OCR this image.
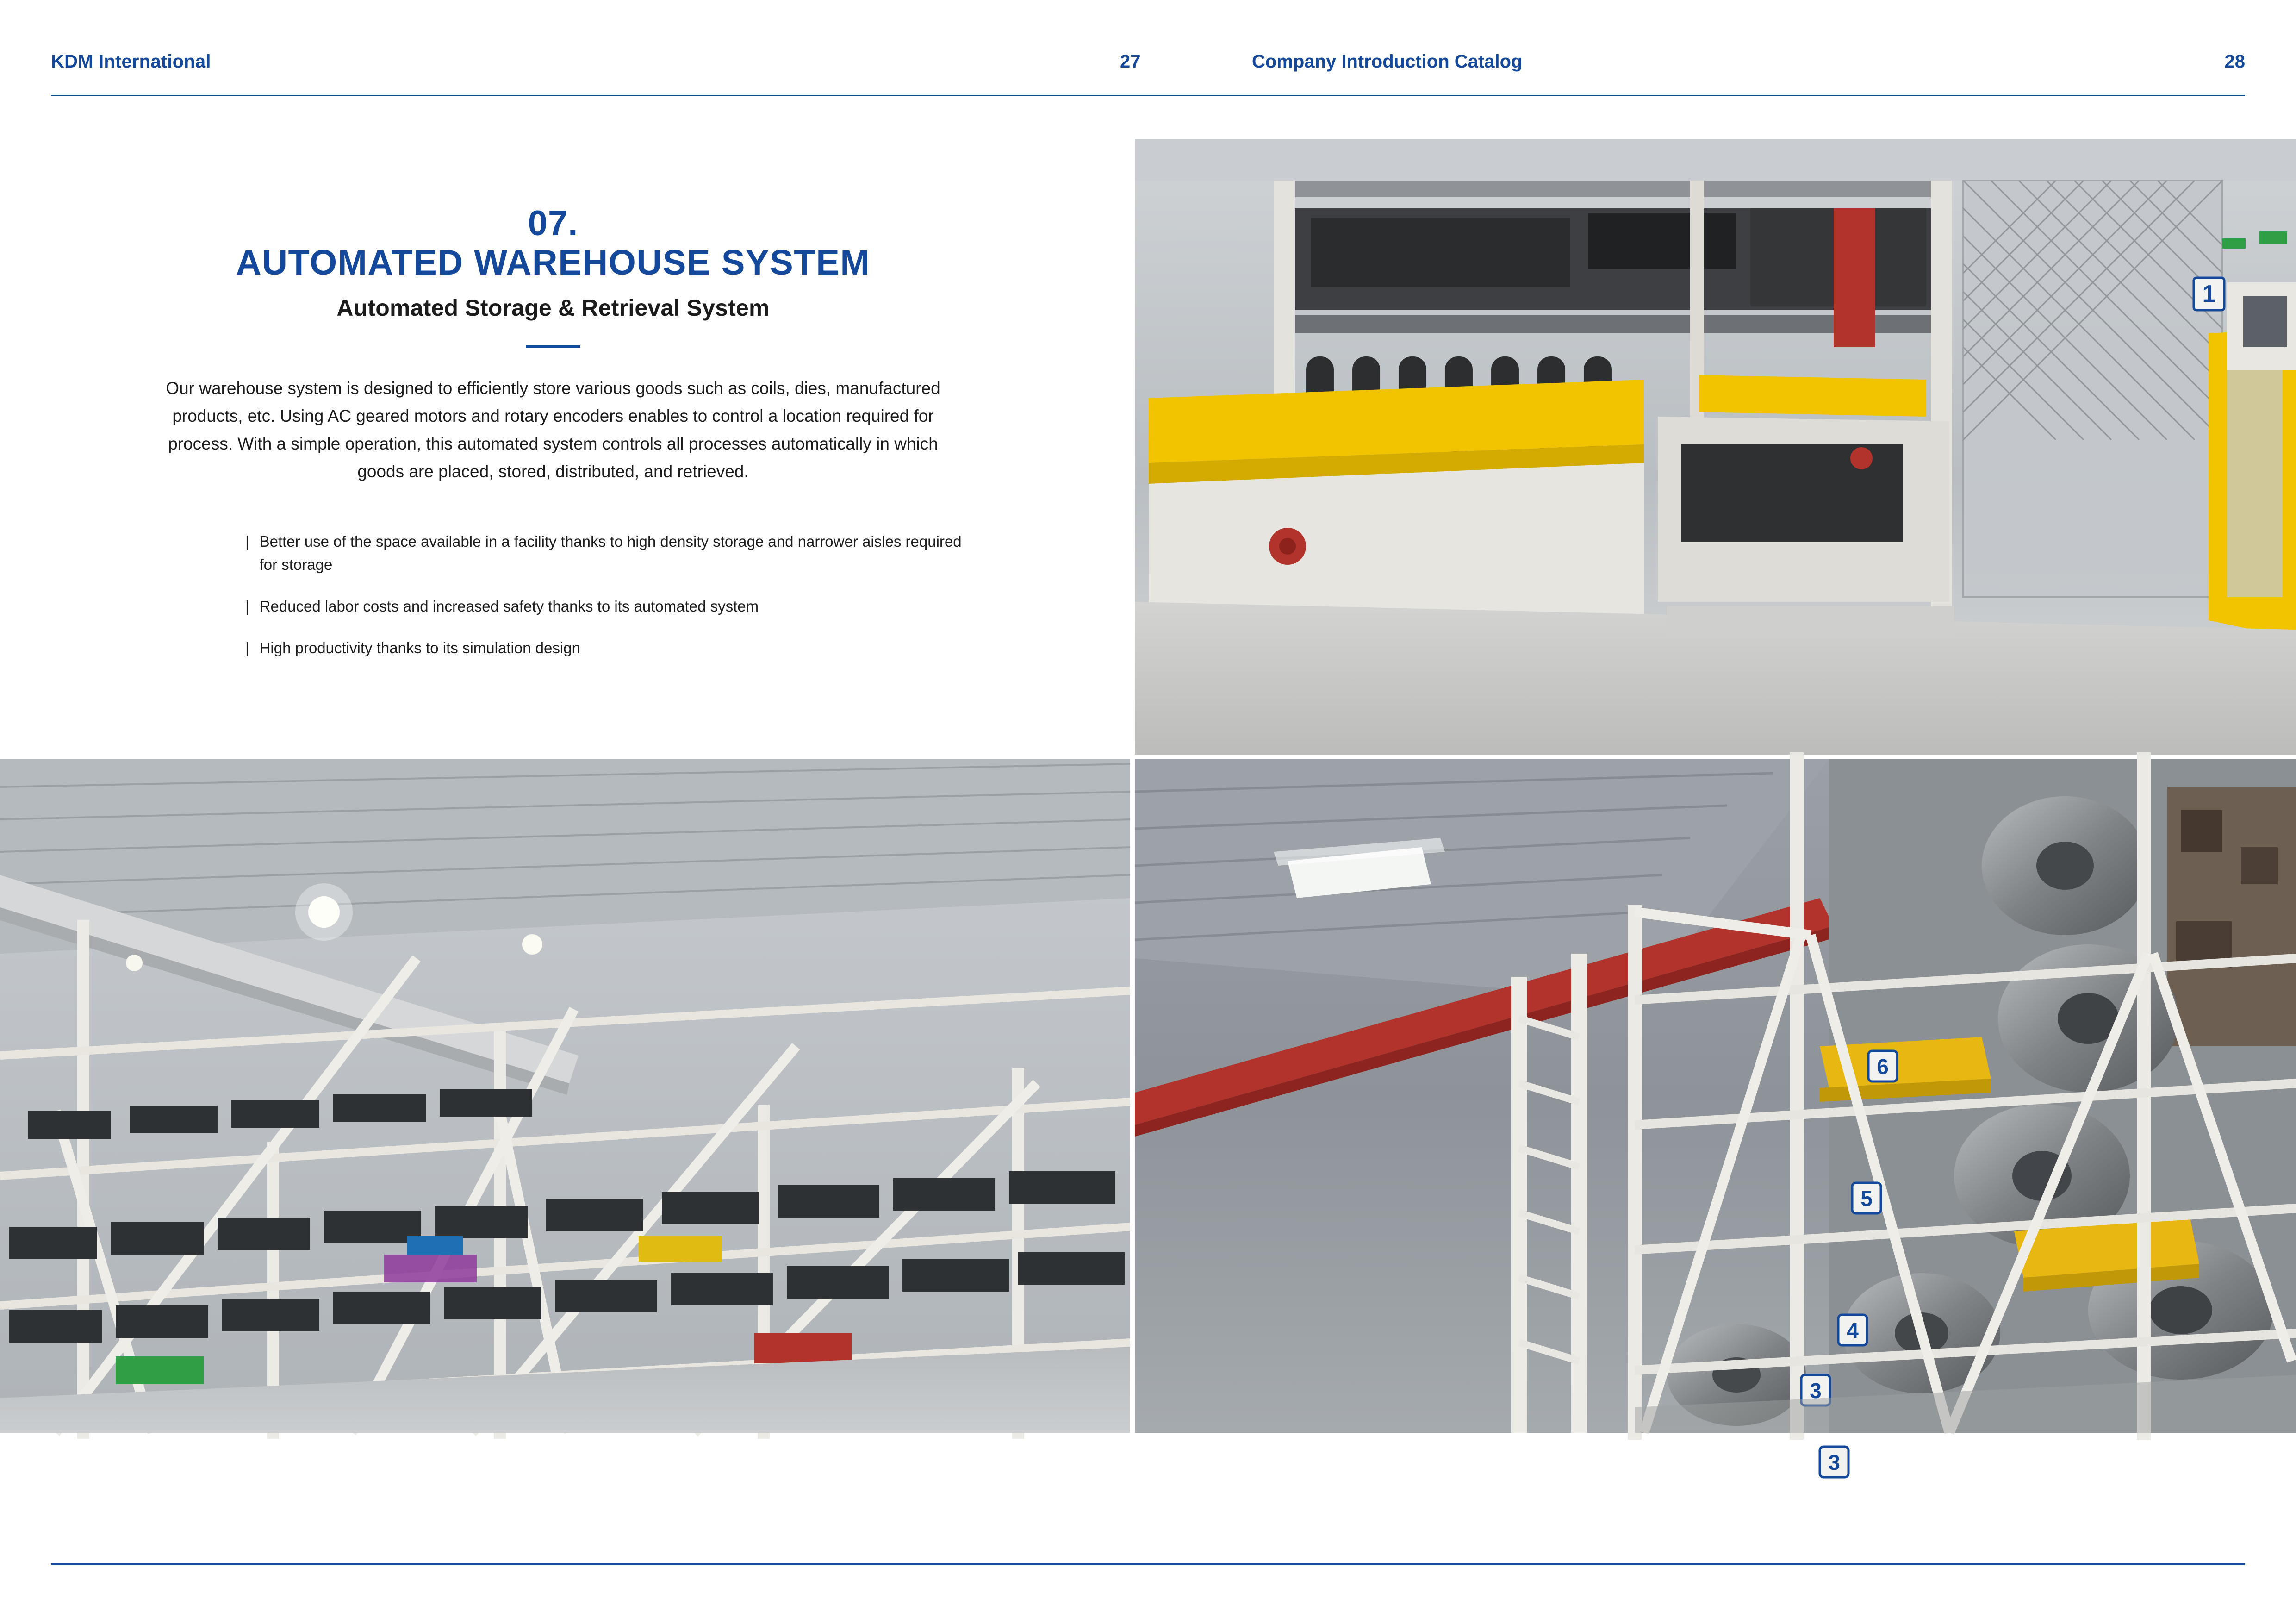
KDM International	27	Company Introduction Catalog	28
07.
AUTOMATED WAREHOUSE SYSTEM
Automated Storage & Retrieval System
Our warehouse system is designed to efficiently store various goods such as coils, dies, manufactured products, etc. Using AC geared motors and rotary encoders enables to control a location required for process. With a simple operation, this automated system controls all processes automatically in which goods are placed, stored, distributed, and retrieved.
| Better use of the space available in a facility thanks to high density storage and narrower aisles required for storage
| Reduced labor costs and increased safety thanks to its automated system
| High productivity thanks to its simulation design
1
6
5
4
3
3
